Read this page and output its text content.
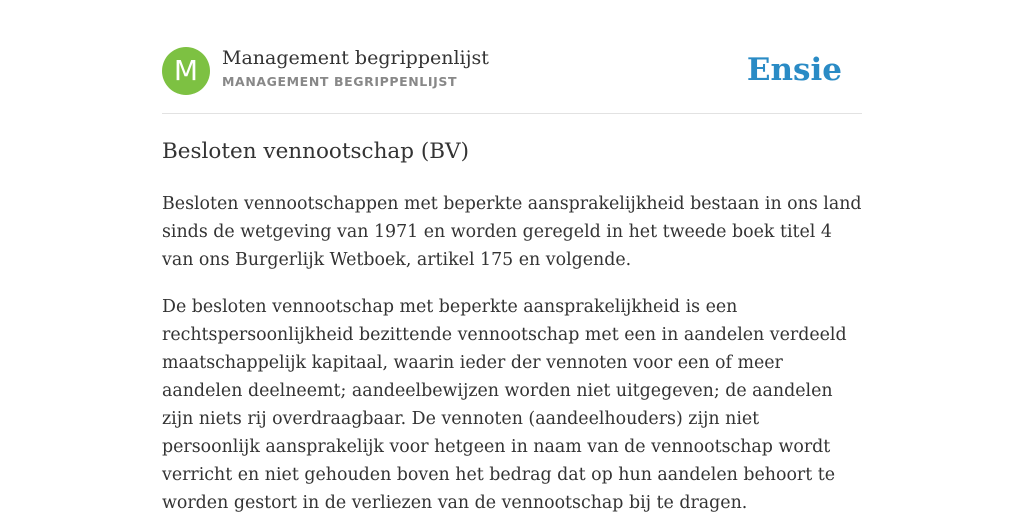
M	Management begrippenlijst
MANAGEMENT BEGRIPPENLIJST	Ensie
Besloten vennootschap (BV)

Besloten vennootschappen met beperkte aansprakelijkheid bestaan in ons land sinds de wetgeving van 1971 en worden geregeld in het tweede boek titel 4 van ons Burgerlijk Wetboek, artikel 175 en volgende.

De besloten vennootschap met beperkte aansprakelijkheid is een rechtspersoonlijkheid bezittende vennootschap met een in aandelen verdeeld maatschappelijk kapitaal, waarin ieder der vennoten voor een of meer aandelen deelneemt; aandeelbewijzen worden niet uitgegeven; de aandelen zijn niets rij overdraagbaar. De vennoten (aandeelhouders) zijn niet persoonlijk aansprakelijk voor hetgeen in naam van de vennootschap wordt verricht en niet gehouden boven het bedrag dat op hun aandelen behoort te worden gestort in de verliezen van de vennootschap bij te dragen.
